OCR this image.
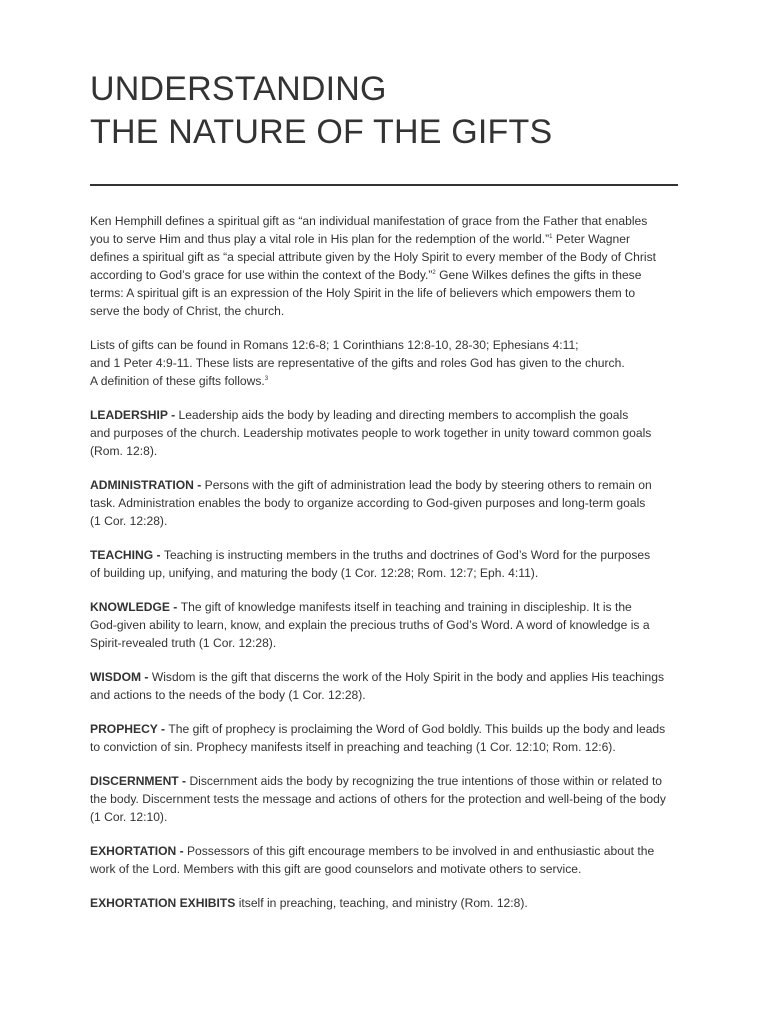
UNDERSTANDING
THE NATURE OF THE GIFTS

Ken Hemphill defines a spiritual gift as “an individual manifestation of grace from the Father that enables
you to serve Him and thus play a vital role in His plan for the redemption of the world.”$^1$ Peter Wagner
defines a spiritual gift as “a special attribute given by the Holy Spirit to every member of the Body of Christ
according to God’s grace for use within the context of the Body.”$^2$ Gene Wilkes defines the gifts in these
terms: A spiritual gift is an expression of the Holy Spirit in the life of believers which empowers them to
serve the body of Christ, the church.

Lists of gifts can be found in Romans 12:6-8; 1 Corinthians 12:8-10, 28-30; Ephesians 4:11;
and 1 Peter 4:9-11. These lists are representative of the gifts and roles God has given to the church.
A definition of these gifts follows.$^3$

LEADERSHIP - Leadership aids the body by leading and directing members to accomplish the goals
and purposes of the church. Leadership motivates people to work together in unity toward common goals
(Rom. 12:8).

ADMINISTRATION - Persons with the gift of administration lead the body by steering others to remain on
task. Administration enables the body to organize according to God-given purposes and long-term goals
(1 Cor. 12:28).

TEACHING - Teaching is instructing members in the truths and doctrines of God’s Word for the purposes
of building up, unifying, and maturing the body (1 Cor. 12:28; Rom. 12:7; Eph. 4:11).

KNOWLEDGE - The gift of knowledge manifests itself in teaching and training in discipleship. It is the
God-given ability to learn, know, and explain the precious truths of God’s Word. A word of knowledge is a
Spirit-revealed truth (1 Cor. 12:28).

WISDOM - Wisdom is the gift that discerns the work of the Holy Spirit in the body and applies His teachings
and actions to the needs of the body (1 Cor. 12:28).

PROPHECY - The gift of prophecy is proclaiming the Word of God boldly. This builds up the body and leads
to conviction of sin. Prophecy manifests itself in preaching and teaching (1 Cor. 12:10; Rom. 12:6).

DISCERNMENT - Discernment aids the body by recognizing the true intentions of those within or related to
the body. Discernment tests the message and actions of others for the protection and well-being of the body
(1 Cor. 12:10).

EXHORTATION - Possessors of this gift encourage members to be involved in and enthusiastic about the
work of the Lord. Members with this gift are good counselors and motivate others to service.

EXHORTATION EXHIBITS itself in preaching, teaching, and ministry (Rom. 12:8).
